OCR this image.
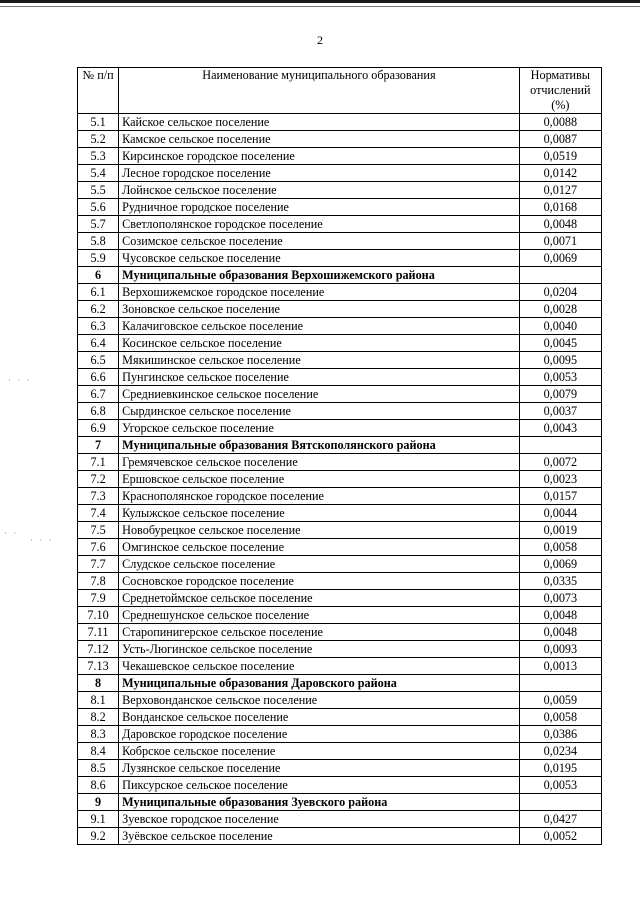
2
· · ·
· ·
· · ·
№ п/п	Наименование муниципального образования	Нормативы отчислений (%)
5.1	Кайское сельское поселение	0,0088
5.2	Камское сельское поселение	0,0087
5.3	Кирсинское городское поселение	0,0519
5.4	Лесное городское поселение	0,0142
5.5	Лойнское сельское поселение	0,0127
5.6	Рудничное городское поселение	0,0168
5.7	Светлополянское городское поселение	0,0048
5.8	Созимское сельское поселение	0,0071
5.9	Чусовское сельское поселение	0,0069
6	Муниципальные образования Верхошижемского района	
6.1	Верхошижемское городское поселение	0,0204
6.2	Зоновское сельское поселение	0,0028
6.3	Калачиговское сельское поселение	0,0040
6.4	Косинское сельское поселение	0,0045
6.5	Мякишинское сельское поселение	0,0095
6.6	Пунгинское сельское поселение	0,0053
6.7	Средниевкинское сельское поселение	0,0079
6.8	Сырдинское сельское поселение	0,0037
6.9	Угорское сельское поселение	0,0043
7	Муниципальные образования Вятскополянского района	
7.1	Гремячевское сельское поселение	0,0072
7.2	Ершовское сельское поселение	0,0023
7.3	Краснополянское городское поселение	0,0157
7.4	Кулыжское сельское поселение	0,0044
7.5	Новобурецкое сельское поселение	0,0019
7.6	Омгинское сельское поселение	0,0058
7.7	Слудское сельское поселение	0,0069
7.8	Сосновское городское поселение	0,0335
7.9	Среднетоймское сельское поселение	0,0073
7.10	Среднешунское сельское поселение	0,0048
7.11	Старопинигерское сельское поселение	0,0048
7.12	Усть-Люгинское сельское поселение	0,0093
7.13	Чекашевское сельское поселение	0,0013
8	Муниципальные образования Даровского района	
8.1	Верховонданское сельское поселение	0,0059
8.2	Вонданское сельское поселение	0,0058
8.3	Даровское городское поселение	0,0386
8.4	Кобрское сельское поселение	0,0234
8.5	Лузянское сельское поселение	0,0195
8.6	Пиксурское сельское поселение	0,0053
9	Муниципальные образования Зуевского района	
9.1	Зуевское городское поселение	0,0427
9.2	Зуёвское сельское поселение	0,0052
